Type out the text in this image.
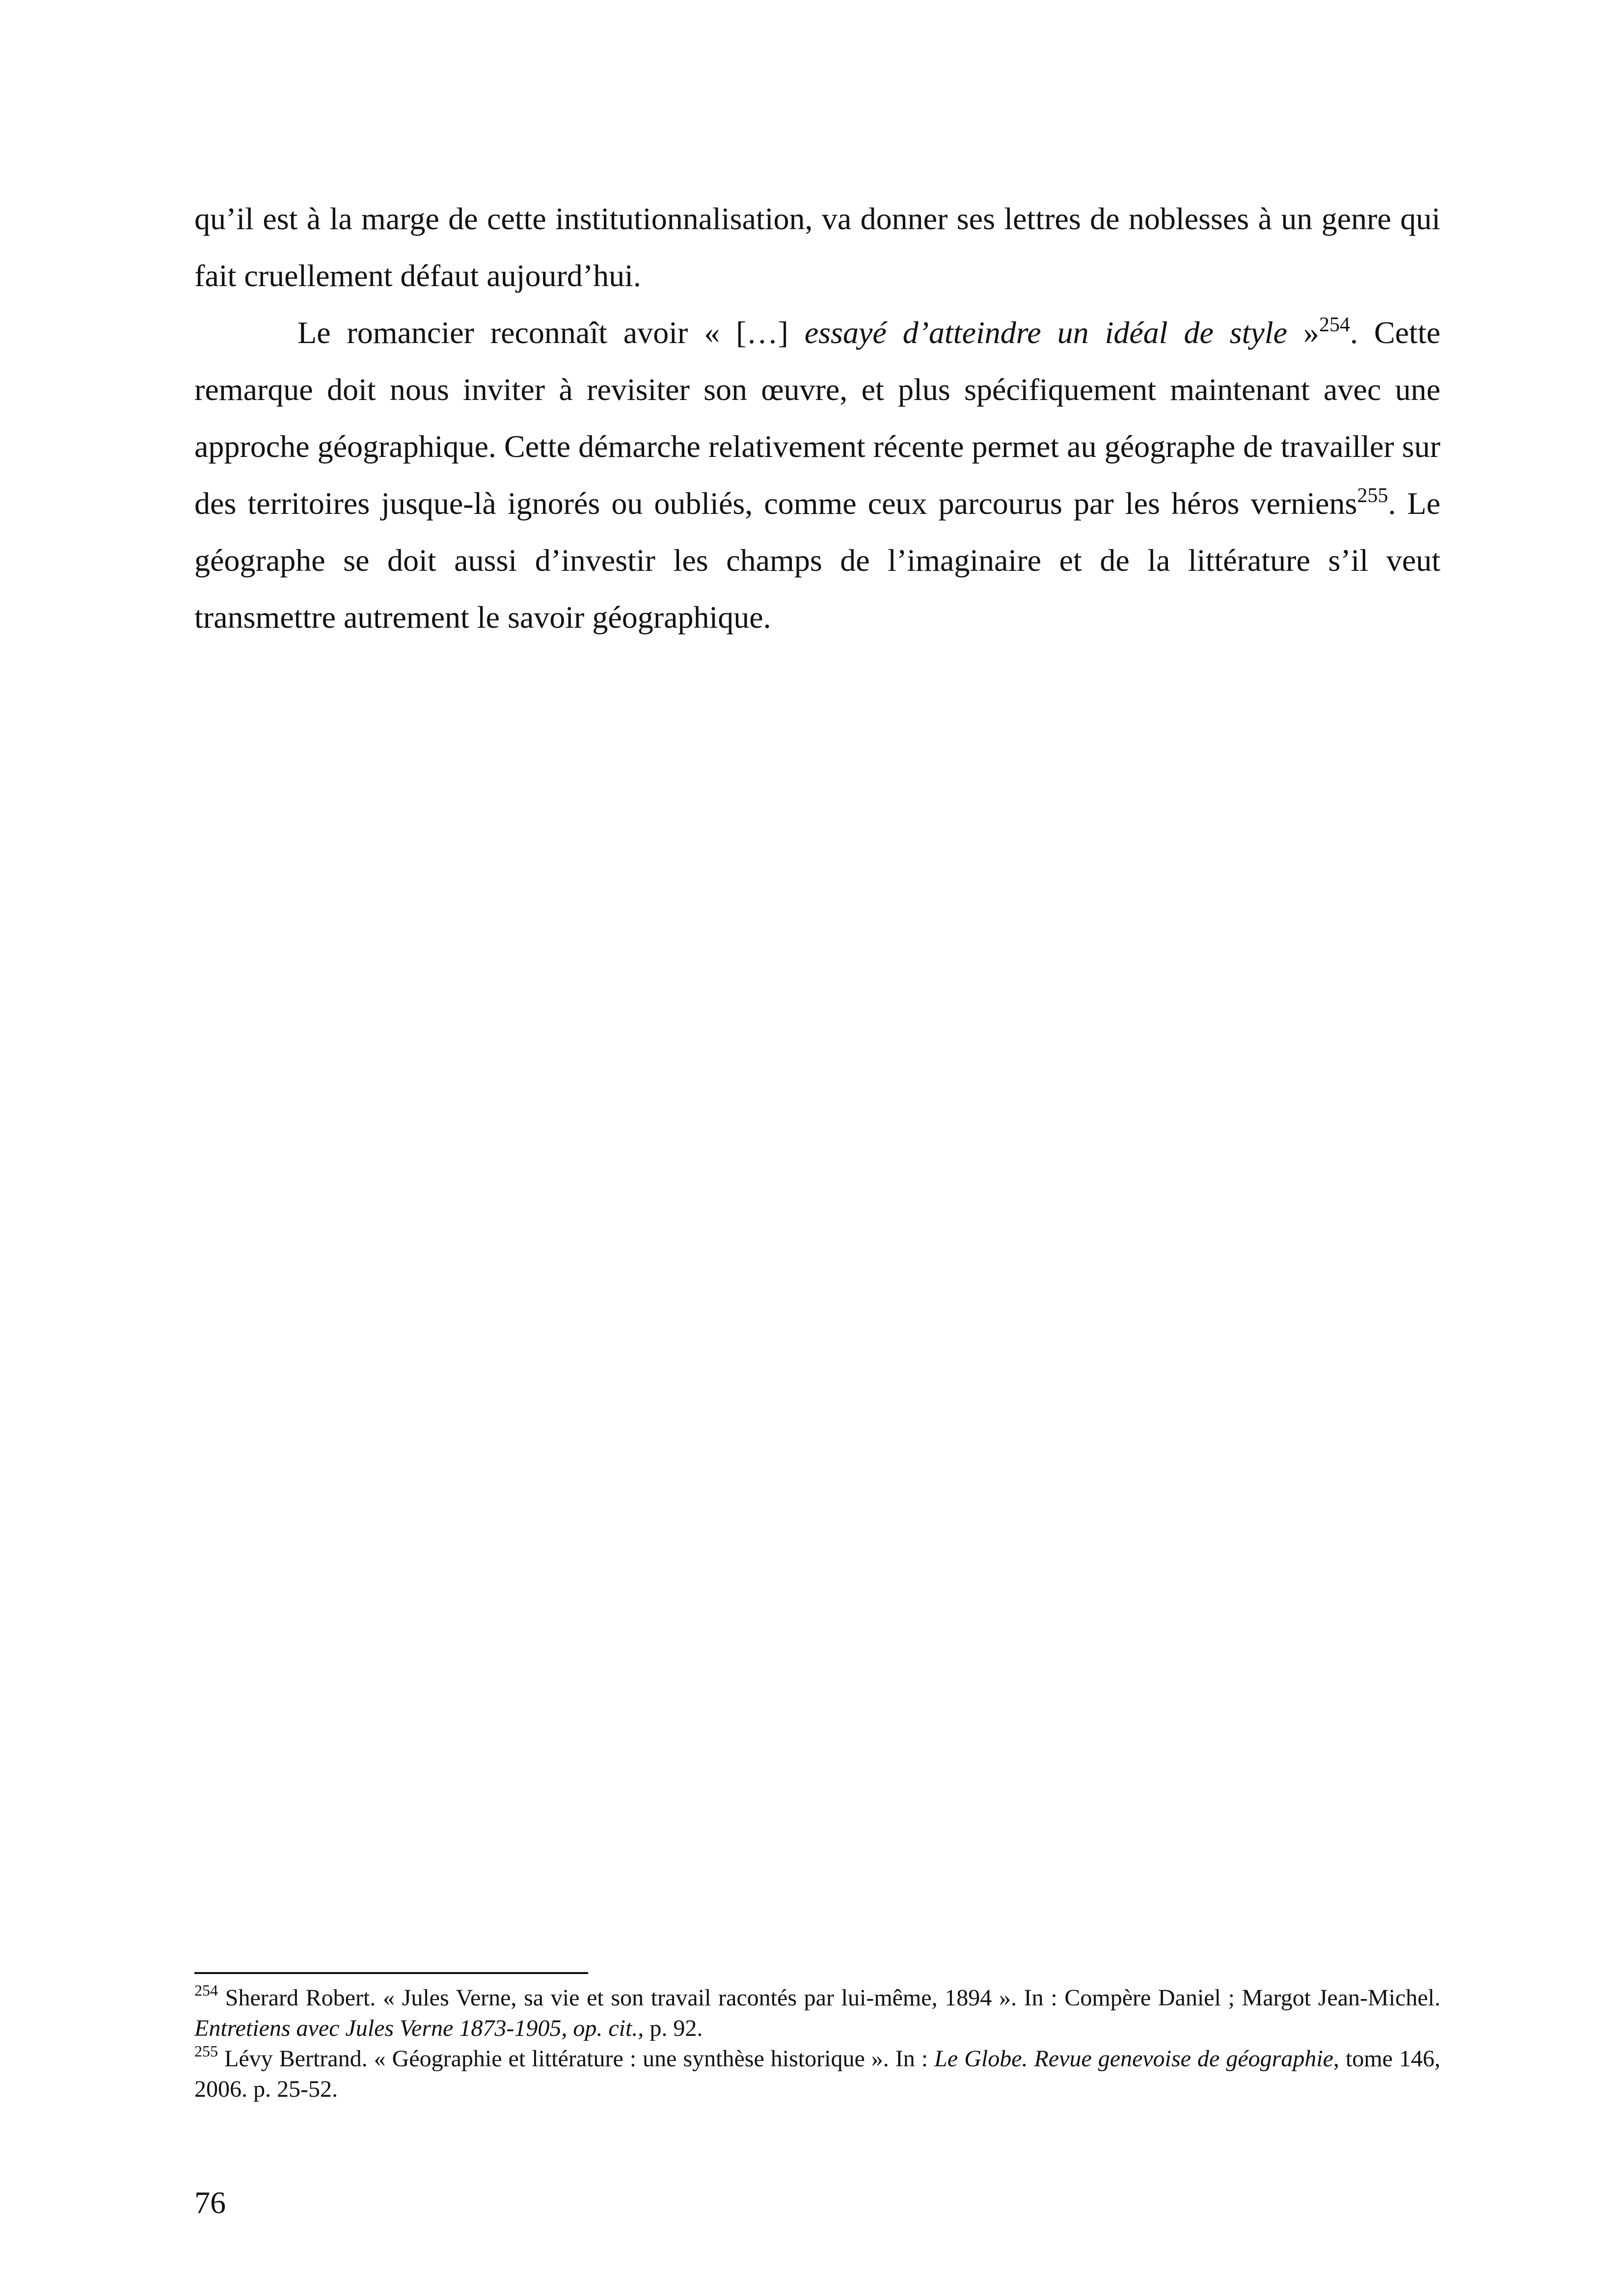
qu’il est à la marge de cette institutionnalisation, va donner ses lettres de noblesses à un genre qui fait cruellement défaut aujourd’hui.

Le romancier reconnaît avoir « […] essayé d’atteindre un idéal de style »$^{254}$. Cette remarque doit nous inviter à revisiter son œuvre, et plus spécifiquement maintenant avec une approche géographique. Cette démarche relativement récente permet au géographe de travailler sur des territoires jusque-là ignorés ou oubliés, comme ceux parcourus par les héros verniens$^{255}$. Le géographe se doit aussi d’investir les champs de l’imaginaire et de la littérature s’il veut transmettre autrement le savoir géographique.

$^{254}$ Sherard Robert. « Jules Verne, sa vie et son travail racontés par lui-même, 1894 ». In : Compère Daniel ; Margot Jean-Michel. Entretiens avec Jules Verne 1873-1905, op. cit., p. 92.

$^{255}$ Lévy Bertrand. « Géographie et littérature : une synthèse historique ». In : Le Globe. Revue genevoise de géographie, tome 146, 2006. p. 25-52.

76
